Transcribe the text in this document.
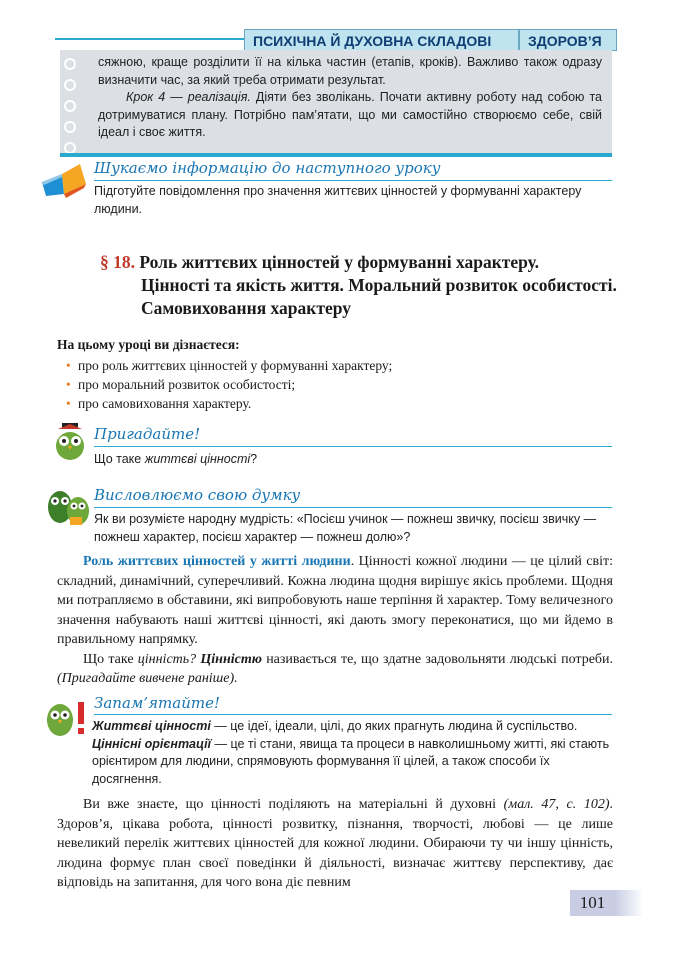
ПСИХІЧНА Й ДУХОВНА СКЛАДОВІ	ЗДОРОВ’Я

сяжною, краще розділити її на кілька частин (етапів, кроків). Важливо також одразу визначити час, за який треба отримати результат.

Крок 4 — реалізація. Діяти без зволікань. Почати активну роботу над собою та дотримуватися плану. Потрібно пам’ятати, що ми самостійно створюємо себе, свій ідеал і своє життя.

Шукаємо інформацію до наступного уроку
Підготуйте повідомлення про значення життєвих цінностей у формуванні характеру людини.
§ 18. Роль життєвих цінностей у формуванні характеру.
Цінності та якість життя. Моральний розвиток особистості.
Самовиховання характеру
На цьому уроці ви дізнаєтеся:
• про роль життєвих цінностей у формуванні характеру;
• про моральний розвиток особистості;
• про самовиховання характеру.
Пригадайте!
Що таке життєві цінності?
Висловлюємо свою думку
Як ви розумієте народну мудрість: «Посієш учинок — пожнеш звичку, посієш звичку — пожнеш характер, посієш характер — пожнеш долю»?

Роль життєвих цінностей у житті людини. Цінності кожної людини — це цілий світ: складний, динамічний, суперечливий. Кожна людина щодня вирішує якісь проблеми. Щодня ми потрапляємо в обставини, які випробовують наше терпіння й характер. Тому величезного значення набувають наші життєві цінності, які дають змогу переконатися, що ми йдемо в правильному напрямку.

Що таке цінність? Цінністю називається те, що здатне задовольняти людські потреби. (Пригадайте вивчене раніше).

Запам’ятайте!

Життєві цінності — це ідеї, ідеали, цілі, до яких прагнуть людина й суспільство.

Ціннісні орієнтації — це ті стани, явища та процеси в навколишньому житті, які стають орієнтиром для людини, спрямовують формування її цілей, а також способи їх досягнення.

Ви вже знаєте, що цінності поділяють на матеріальні й духовні (мал. 47, с. 102). Здоров’я, цікава робота, цінності розвитку, пізнання, творчості, любові — це лише невеликий перелік життєвих цінностей для кожної людини. Обираючи ту чи іншу цінність, людина формує план своєї поведінки й діяльності, визначає життєву перспективу, дає відповідь на запитання, для чого вона діє певним

101
